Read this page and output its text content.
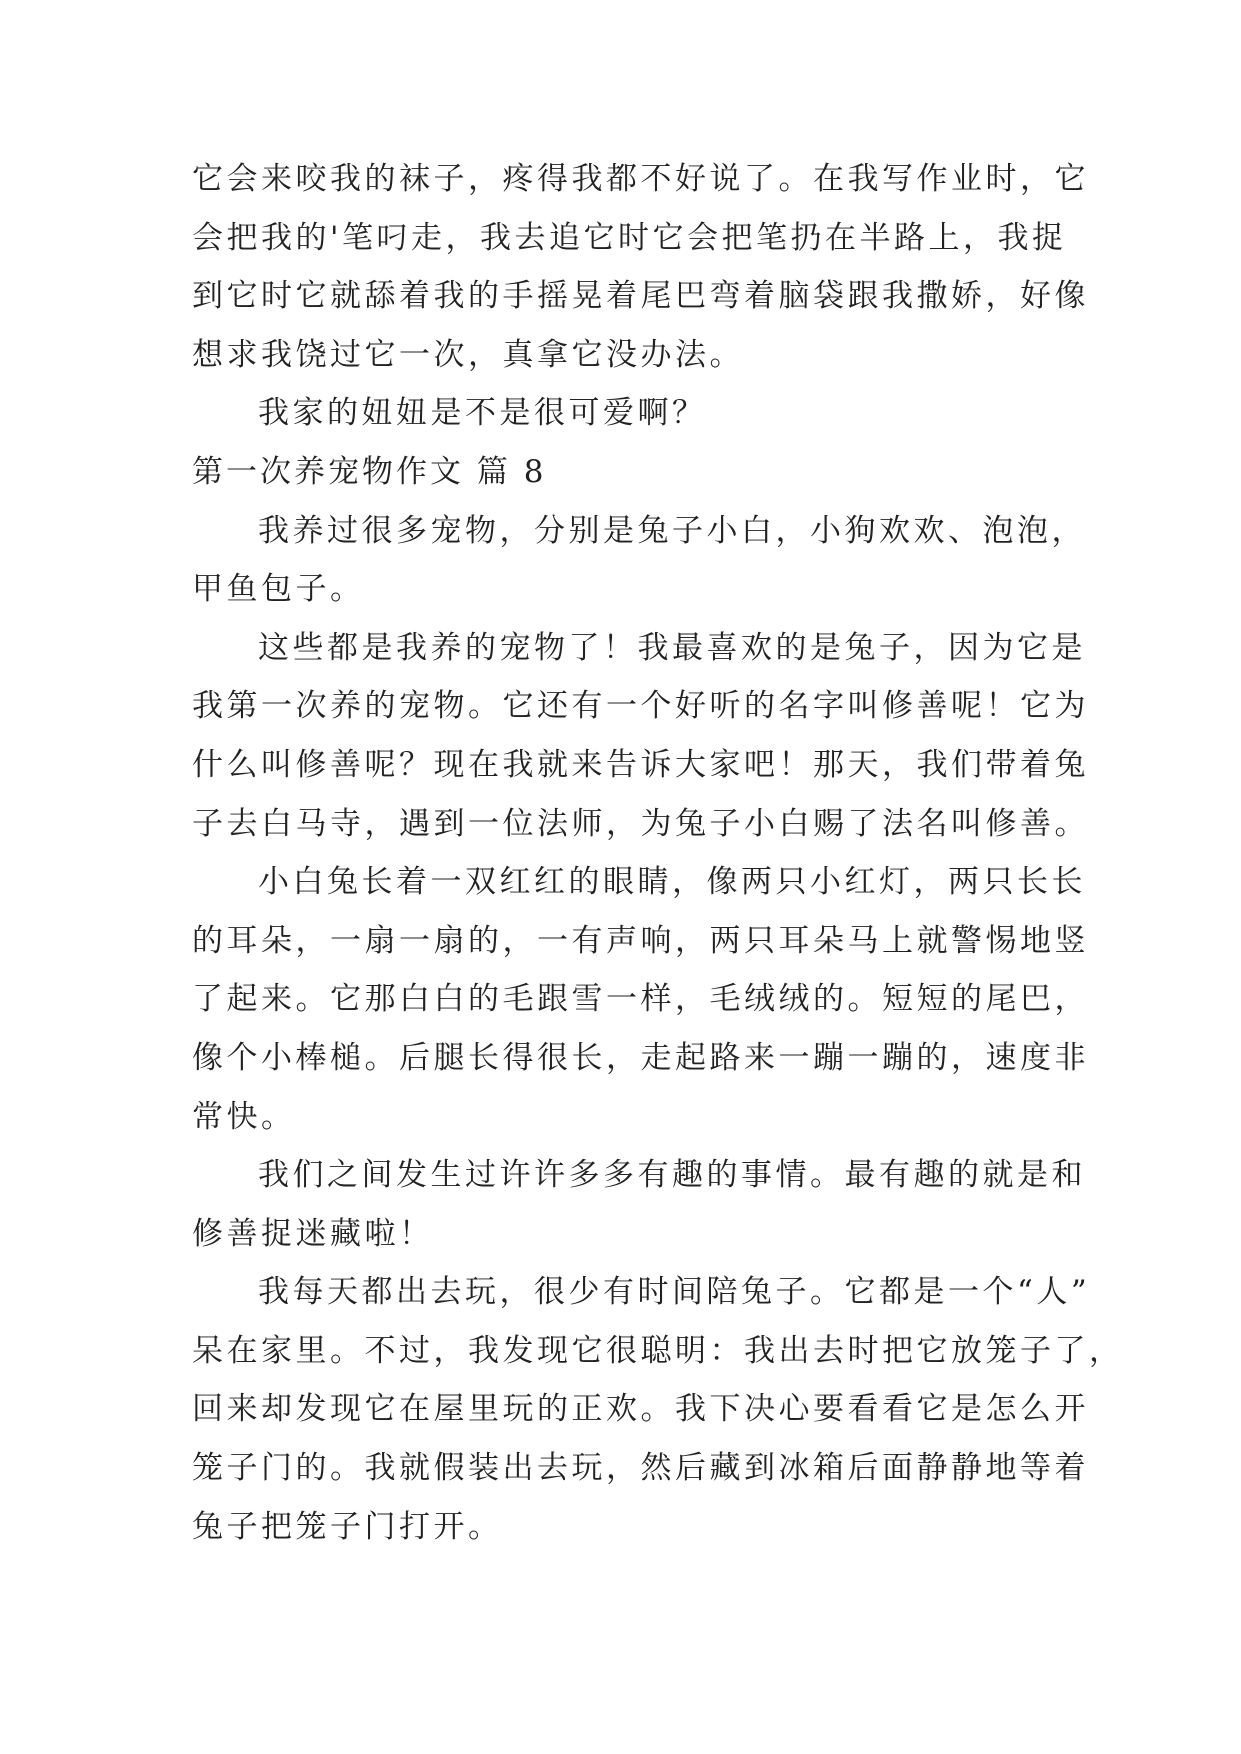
它会来咬我的袜子，疼得我都不好说了。在我写作业时，它
会把我的'笔叼走，我去追它时它会把笔扔在半路上，我捉
到它时它就舔着我的手摇晃着尾巴弯着脑袋跟我撒娇，好像
想求我饶过它一次，真拿它没办法。
我家的妞妞是不是很可爱啊？
第一次养宠物作文 篇 8
我养过很多宠物，分别是兔子小白，小狗欢欢、泡泡，
甲鱼包子。
这些都是我养的宠物了！我最喜欢的是兔子，因为它是
我第一次养的宠物。它还有一个好听的名字叫修善呢！它为
什么叫修善呢？现在我就来告诉大家吧！那天，我们带着兔
子去白马寺，遇到一位法师，为兔子小白赐了法名叫修善。
小白兔长着一双红红的眼睛，像两只小红灯，两只长长
的耳朵，一扇一扇的，一有声响，两只耳朵马上就警惕地竖
了起来。它那白白的毛跟雪一样，毛绒绒的。短短的尾巴，
像个小棒槌。后腿长得很长，走起路来一蹦一蹦的，速度非
常快。
我们之间发生过许许多多有趣的事情。最有趣的就是和
修善捉迷藏啦！
我每天都出去玩，很少有时间陪兔子。它都是一个“人”
呆在家里。不过，我发现它很聪明：我出去时把它放笼子了，
回来却发现它在屋里玩的正欢。我下决心要看看它是怎么开
笼子门的。我就假装出去玩，然后藏到冰箱后面静静地等着
兔子把笼子门打开。
